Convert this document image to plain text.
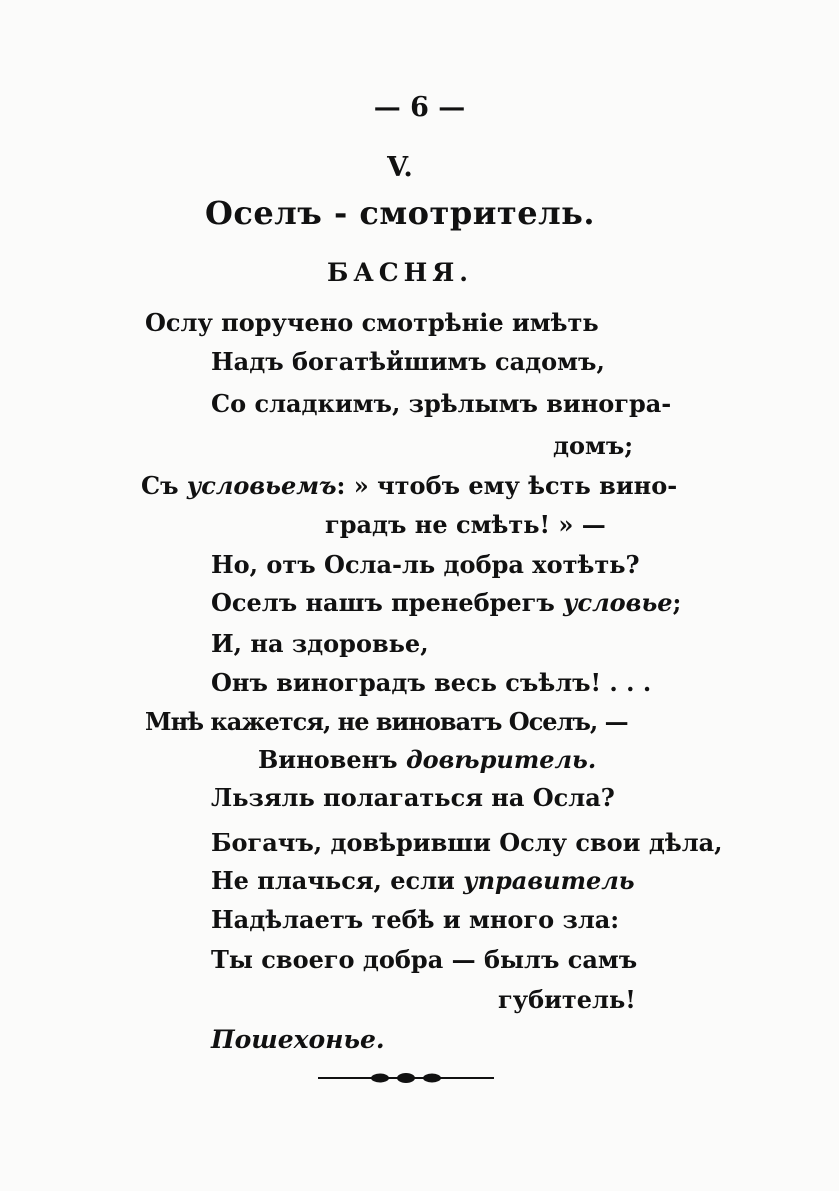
— 6 —
V.
Оселъ - смотритель.
БАСНЯ.
Ослу поручено смотрѣніе имѣть
Надъ богатѣйшимъ садомъ,
Со сладкимъ, зрѣлымъ виногра-
домъ;
Съ условьемъ: » чтобъ ему ѣсть вино-
градъ не смѣть! » —
Но, отъ Осла-ль добра хотѣть?
Оселъ нашъ пренебрегъ условье;
И, на здоровье,
Онъ виноградъ весь съѣлъ! . . .
Мнѣ кажется, не виноватъ Оселъ, —
Виновенъ довѣритель.
Льзяль полагаться на Осла?
Богачъ, довѣривши Ослу свои дѣла,
Не плачься, если управитель
Надѣлаетъ тебѣ и много зла:
Ты своего добра — былъ самъ
губитель!
Пошехонье.
